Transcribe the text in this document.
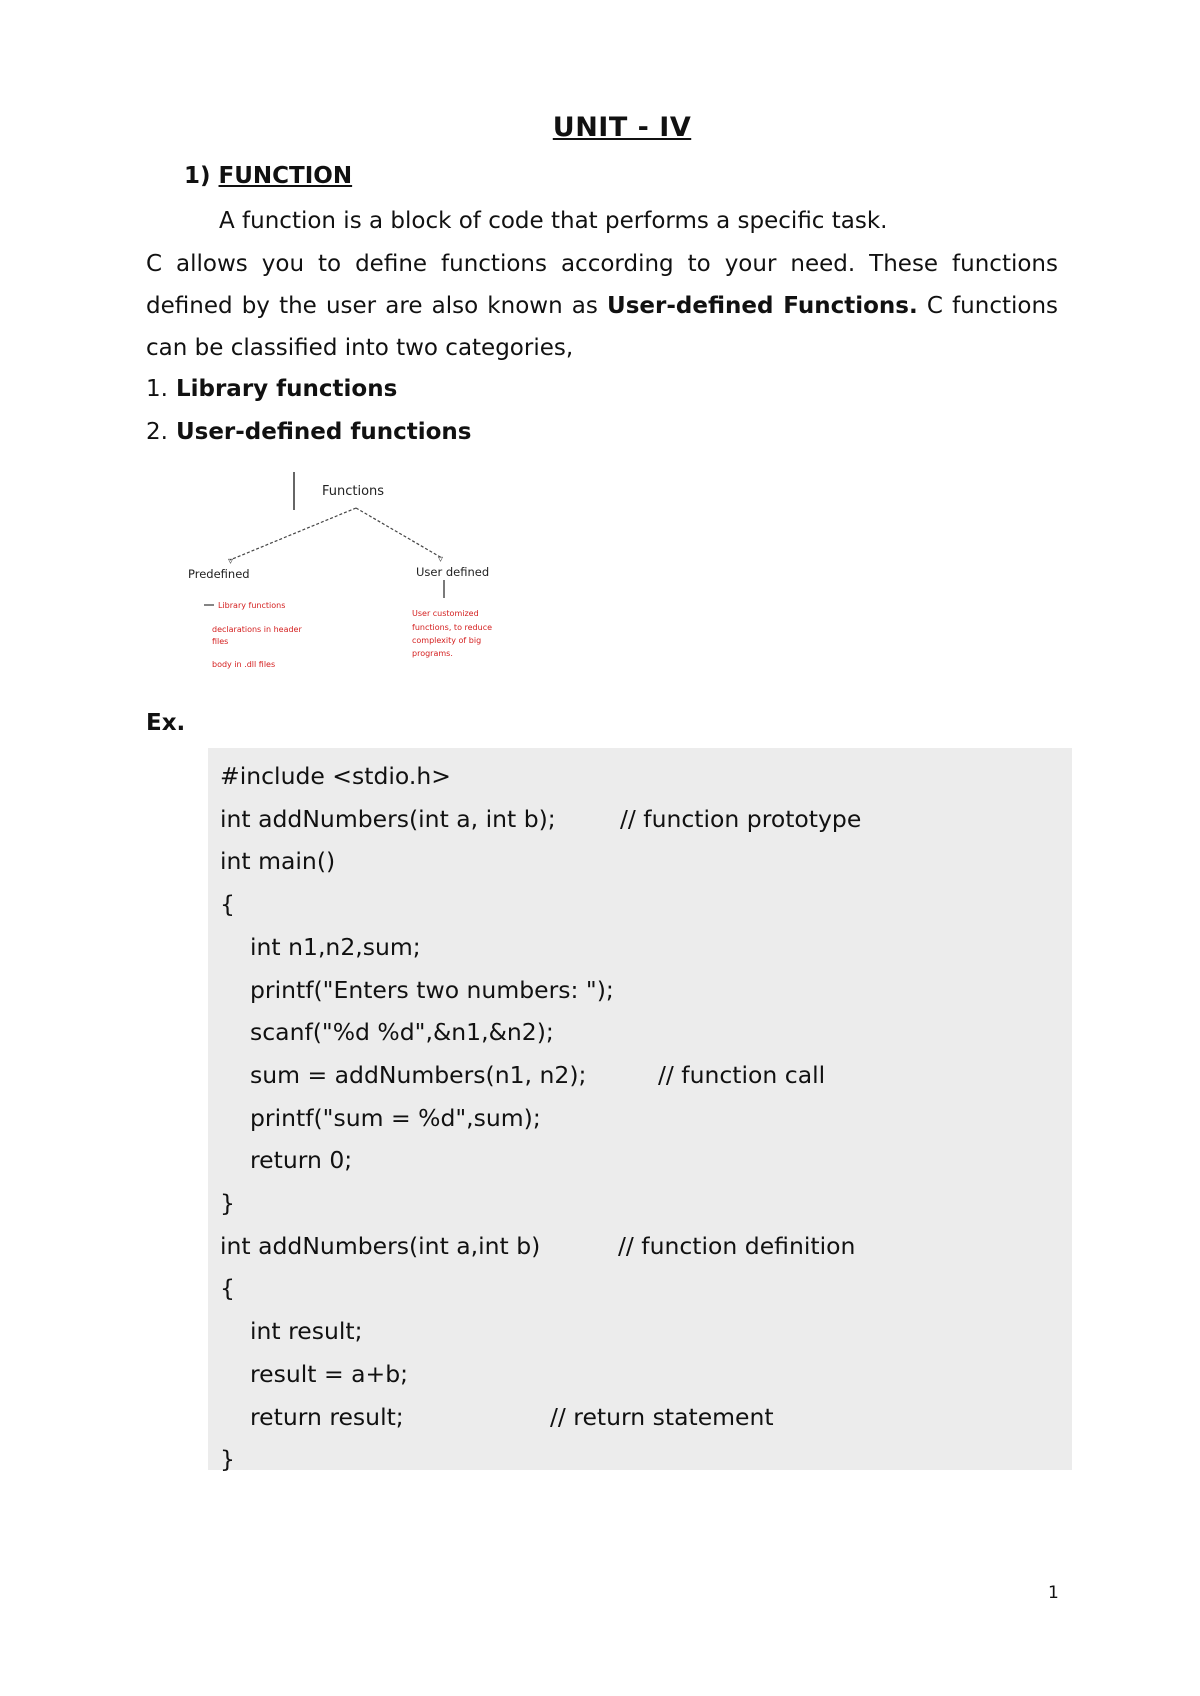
UNIT - IV
1) FUNCTION
A function is a block of code that performs a specific task.
C allows you to define functions according to your need. These functions defined by the user are also known as User-defined Functions. C functions can be classified into two categories,
1. Library functions
2. User-defined functions
Functions
▿	▿
Predefined	User defined
Library functions
declarations in header
files
body in .dll files
User customized
functions, to reduce
complexity of big
programs.
Ex.
#include <stdio.h>
int addNumbers(int a, int b);	// function prototype
int main()
{
int n1,n2,sum;
printf("Enters two numbers: ");
scanf("%d %d",&n1,&n2);
sum = addNumbers(n1, n2);	// function call
printf("sum = %d",sum);
return 0;
}
int addNumbers(int a,int b)	// function definition
{
int result;
result = a+b;
return result;	// return statement
}
1
